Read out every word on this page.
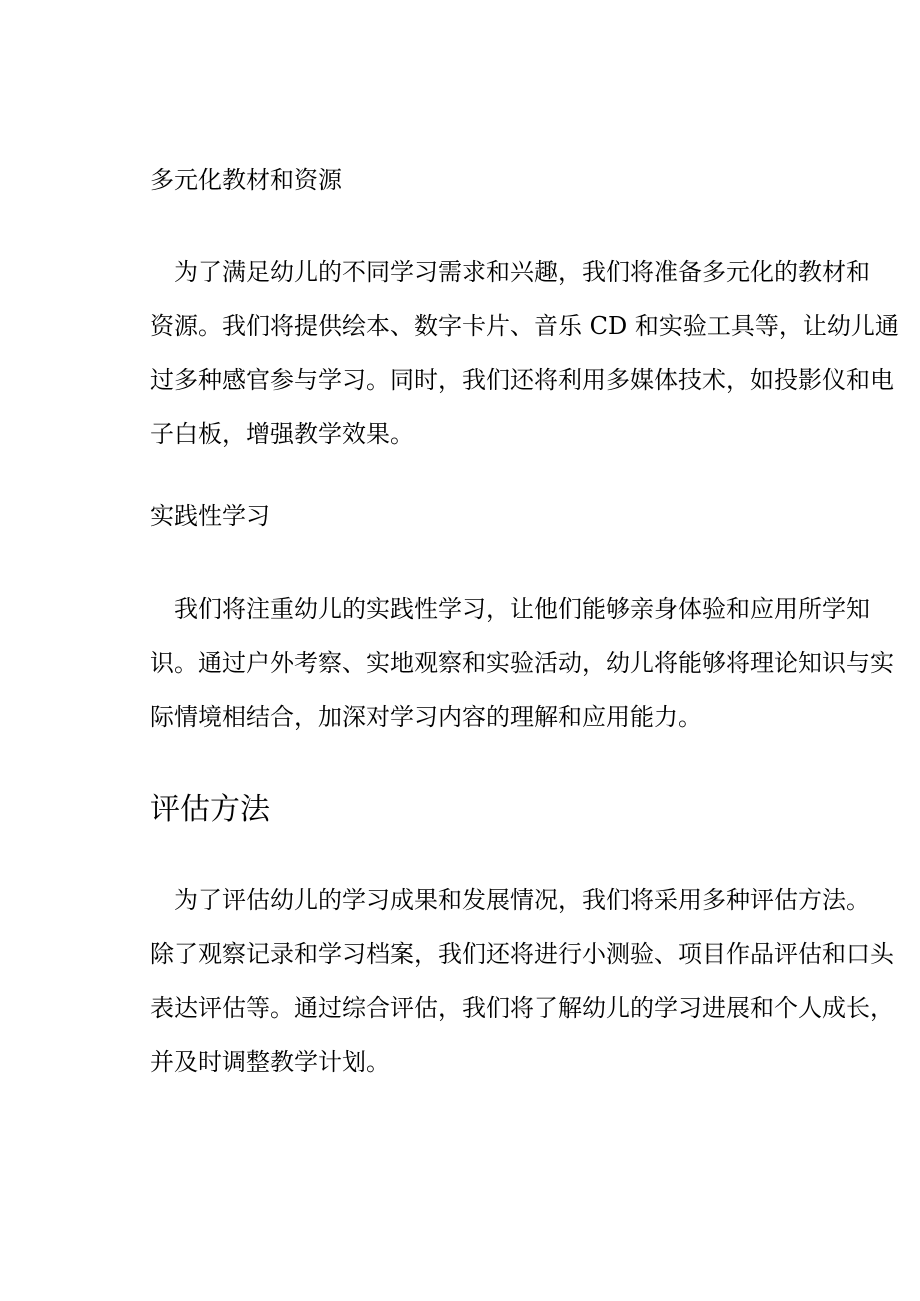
多元化教材和资源
　为了满足幼儿的不同学习需求和兴趣，我们将准备多元化的教材和
资源。我们将提供绘本、数字卡片、音乐 CD 和实验工具等，让幼儿通
过多种感官参与学习。同时，我们还将利用多媒体技术，如投影仪和电
子白板，增强教学效果。
实践性学习
　我们将注重幼儿的实践性学习，让他们能够亲身体验和应用所学知
识。通过户外考察、实地观察和实验活动，幼儿将能够将理论知识与实
际情境相结合，加深对学习内容的理解和应用能力。
评估方法
　为了评估幼儿的学习成果和发展情况，我们将采用多种评估方法。
除了观察记录和学习档案，我们还将进行小测验、项目作品评估和口头
表达评估等。通过综合评估，我们将了解幼儿的学习进展和个人成长，
并及时调整教学计划。
